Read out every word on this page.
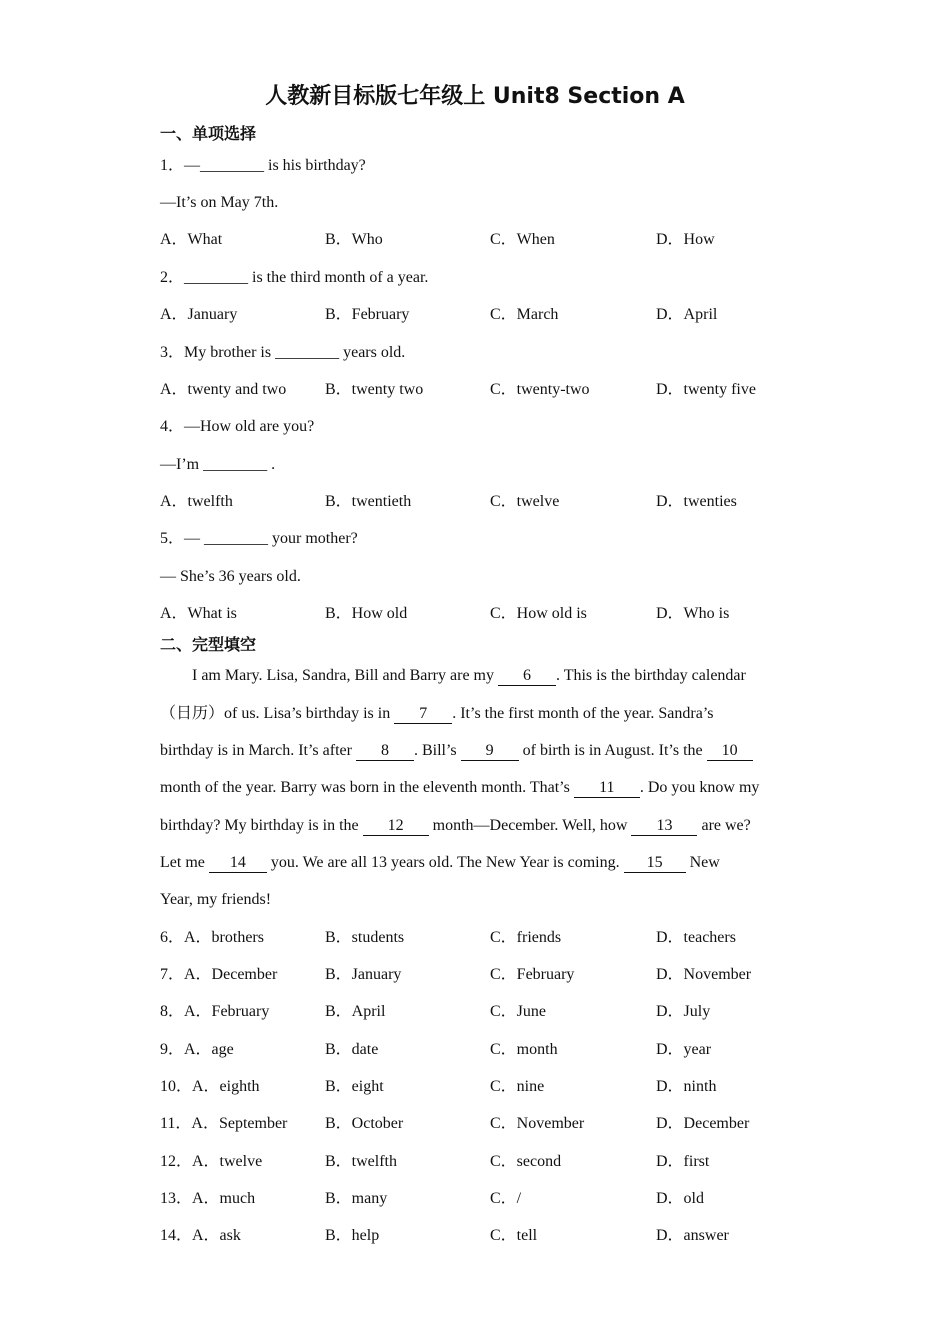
人教新目标版七年级上 Unit8 Section A
一、单项选择
1．—________ is his birthday?
—It’s on May 7th.
A．What	B．Who	C．When	D．How
2．________ is the third month of a year.
A．January	B．February	C．March	D．April
3．My brother is ________ years old.
A．twenty and two B．twenty two	C．twenty-two	D．twenty five
4．—How old are you?
—I’m ________ .
A．twelfth	B．twentieth	C．twelve	D．twenties
5．— ________ your mother?
— She’s 36 years old.
A．What is	B．How old	C．How old is	D．Who is
二、完型填空
I am Mary. Lisa, Sandra, Bill and Barry are my 6 . This is the birthday calendar
（日历）of us. Lisa’s birthday is in 7 . It’s the first month of the year. Sandra’s
birthday is in March. It’s after 8 . Bill’s 9 of birth is in August. It’s the 10
month of the year. Barry was born in the eleventh month. That’s 11 . Do you know my
birthday? My birthday is in the 12 month—December. Well, how 13 are we?
Let me 14 you. We are all 13 years old. The New Year is coming. 15 New
Year, my friends!
6．A．brothers	B．students	C．friends	D．teachers
7．A．December	B．January	C．February	D．November
8．A．February	B．April	C．June	D．July
9．A．age	B．date	C．month	D．year
10．A．eighth	B．eight	C．nine	D．ninth
11．A．September B．October	C．November	D．December
12．A．twelve	B．twelfth	C．second	D．first
13．A．much	B．many	C．/	D．old
14．A．ask	B．help	C．tell	D．answer
